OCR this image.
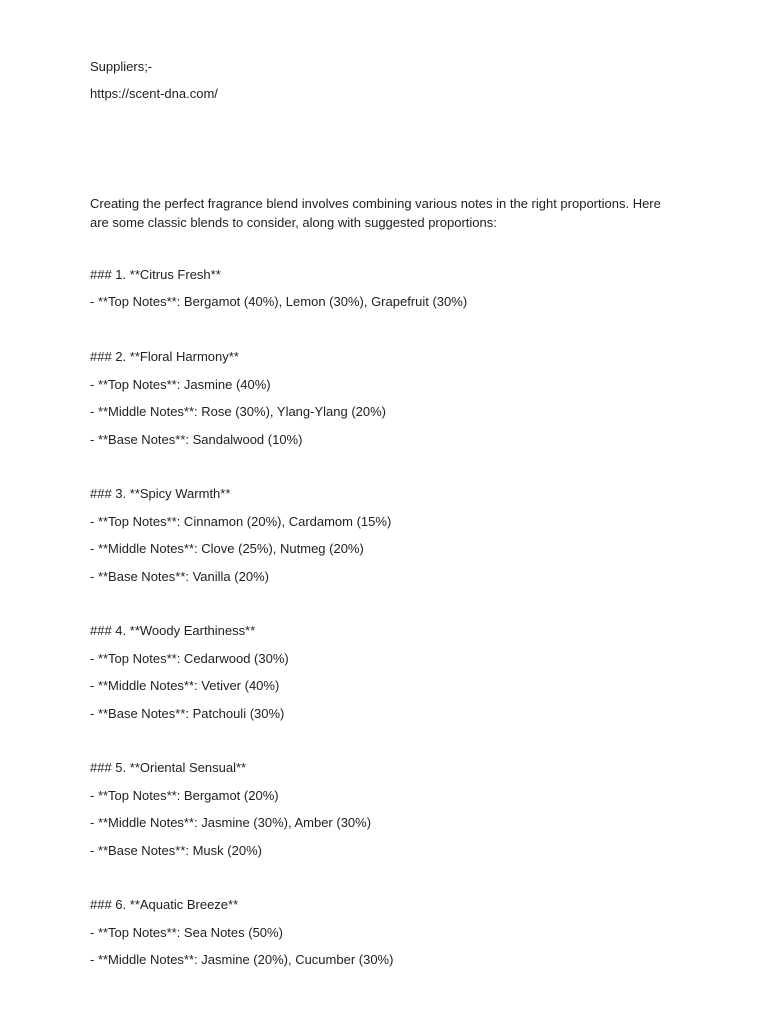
Suppliers;-
https://scent-dna.com/
Creating the perfect fragrance blend involves combining various notes in the right proportions. Here are some classic blends to consider, along with suggested proportions:
### 1. **Citrus Fresh**
- **Top Notes**: Bergamot (40%), Lemon (30%), Grapefruit (30%)
### 2. **Floral Harmony**
- **Top Notes**: Jasmine (40%)
- **Middle Notes**: Rose (30%), Ylang-Ylang (20%)
- **Base Notes**: Sandalwood (10%)
### 3. **Spicy Warmth**
- **Top Notes**: Cinnamon (20%), Cardamom (15%)
- **Middle Notes**: Clove (25%), Nutmeg (20%)
- **Base Notes**: Vanilla (20%)
### 4. **Woody Earthiness**
- **Top Notes**: Cedarwood (30%)
- **Middle Notes**: Vetiver (40%)
- **Base Notes**: Patchouli (30%)
### 5. **Oriental Sensual**
- **Top Notes**: Bergamot (20%)
- **Middle Notes**: Jasmine (30%), Amber (30%)
- **Base Notes**: Musk (20%)
### 6. **Aquatic Breeze**
- **Top Notes**: Sea Notes (50%)
- **Middle Notes**: Jasmine (20%), Cucumber (30%)
